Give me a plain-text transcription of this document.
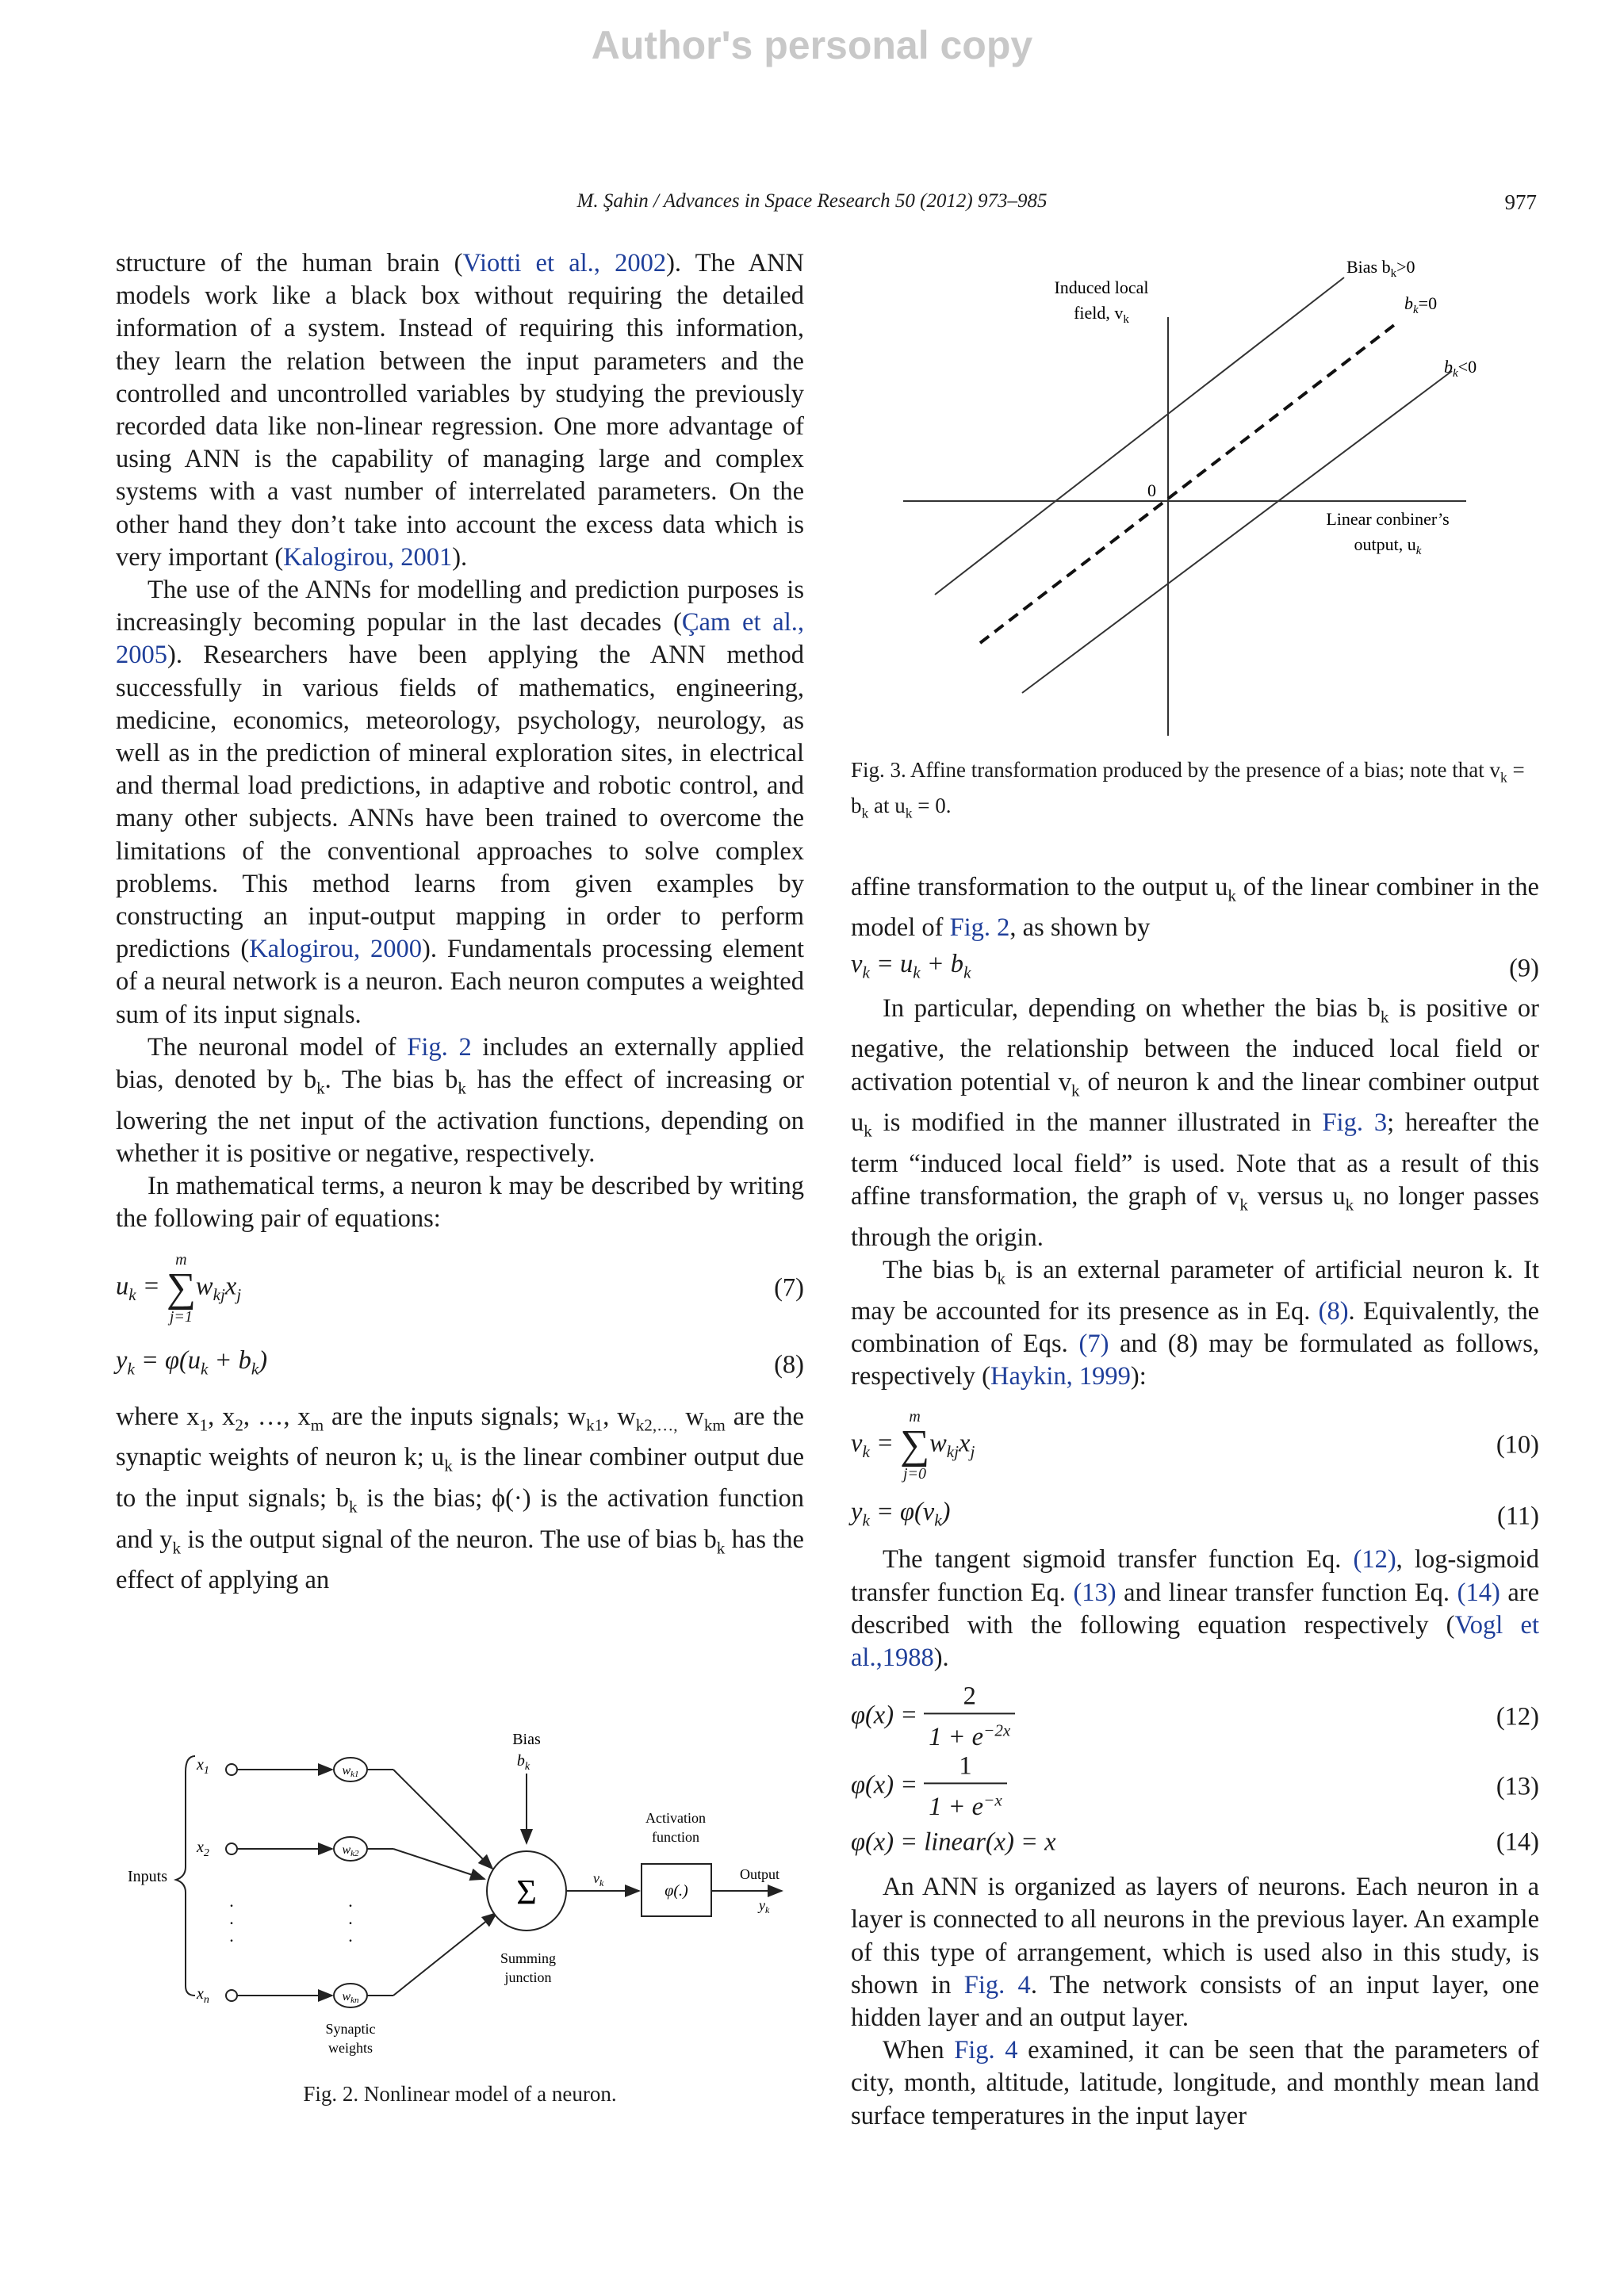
Author's personal copy
M. Şahin / Advances in Space Research 50 (2012) 973–985	977

structure of the human brain (Viotti et al., 2002). The ANN models work like a black box without requiring the detailed information of a system. Instead of requiring this information, they learn the relation between the input parameters and the controlled and uncontrolled variables by studying the previously recorded data like non-linear regression. One more advantage of using ANN is the capability of managing large and complex systems with a vast number of interrelated parameters. On the other hand they don’t take into account the excess data which is very important (Kalogirou, 2001).

The use of the ANNs for modelling and prediction purposes is increasingly becoming popular in the last decades (Çam et al., 2005). Researchers have been applying the ANN method successfully in various fields of mathematics, engineering, medicine, economics, meteorology, psychology, neurology, as well as in the prediction of mineral exploration sites, in electrical and thermal load predictions, in adaptive and robotic control, and many other subjects. ANNs have been trained to overcome the limitations of the conventional approaches to solve complex problems. This method learns from given examples by constructing an input-output mapping in order to perform predictions (Kalogirou, 2000). Fundamentals processing element of a neural network is a neuron. Each neuron computes a weighted sum of its input signals.

The neuronal model of Fig. 2 includes an externally applied bias, denoted by $b_k$. The bias $b_k$ has the effect of increasing or lowering the net input of the activation functions, depending on whether it is positive or negative, respectively.

In mathematical terms, a neuron k may be described by writing the following pair of equations:

$u_k$ =
m
∑
j=1
$w_{kj}x_j$	(7)
$y_k = \varphi(u_k + b_k)$	(8)

where $x_1$, $x_2$, …, $x_m$ are the inputs signals; $w_{k1}$, $w_{k2,\dots,}$ $w_{km}$ are the synaptic weights of neuron k; $u_k$ is the linear combiner output due to the input signals; $b_k$ is the bias; ϕ(·) is the activation function and $y_k$ is the output signal of the neuron. The use of bias $b_k$ has the effect of applying an

Bias
$b_k$
Inputs
$x_1$
$x_2$
$x_n$
wk1
wk2
wkn
.
.
.
.
.
.
Σ	$v_k$
Activation
function
φ(.)
Output
$y_k$
Summing
junction
Synaptic
weights
Fig. 2. Nonlinear model of a neuron.
Induced local
field, $v_k$
Bias $b_k>0$
$b_k=0$
$b_k<0$
0
Linear conbiner’s
output, $u_k$
Fig. 3. Affine transformation produced by the presence of a bias; note that $v_k = b_k$ at $u_k = 0$.

affine transformation to the output $u_k$ of the linear combiner in the model of Fig. 2, as shown by

$v_k = u_k + b_k$	(9)

In particular, depending on whether the bias $b_k$ is positive or negative, the relationship between the induced local field or activation potential $v_k$ of neuron k and the linear combiner output $u_k$ is modified in the manner illustrated in Fig. 3; hereafter the term “induced local field” is used. Note that as a result of this affine transformation, the graph of $v_k$ versus $u_k$ no longer passes through the origin.

The bias $b_k$ is an external parameter of artificial neuron k. It may be accounted for its presence as in Eq. (8). Equivalently, the combination of Eqs. (7) and (8) may be formulated as follows, respectively (Haykin, 1999):

$v_k$ =
m
∑
j=0
$w_{kj}x_j$	(10)
$y_k = \varphi(v_k)$	(11)

The tangent sigmoid transfer function Eq. (12), log-sigmoid transfer function Eq. (13) and linear transfer function Eq. (14) are described with the following equation respectively (Vogl et al.,1988).

$\varphi(x) = \frac{2}{1 + e^{-2x}}$	(12)
$\varphi(x) = \frac{1}{1 + e^{-x}}$	(13)
φ(x) = linear(x) = x	(14)

An ANN is organized as layers of neurons. Each neuron in a layer is connected to all neurons in the previous layer. An example of this type of arrangement, which is used also in this study, is shown in Fig. 4. The network consists of an input layer, one hidden layer and an output layer.

When Fig. 4 examined, it can be seen that the parameters of city, month, altitude, latitude, longitude, and monthly mean land surface temperatures in the input layer
